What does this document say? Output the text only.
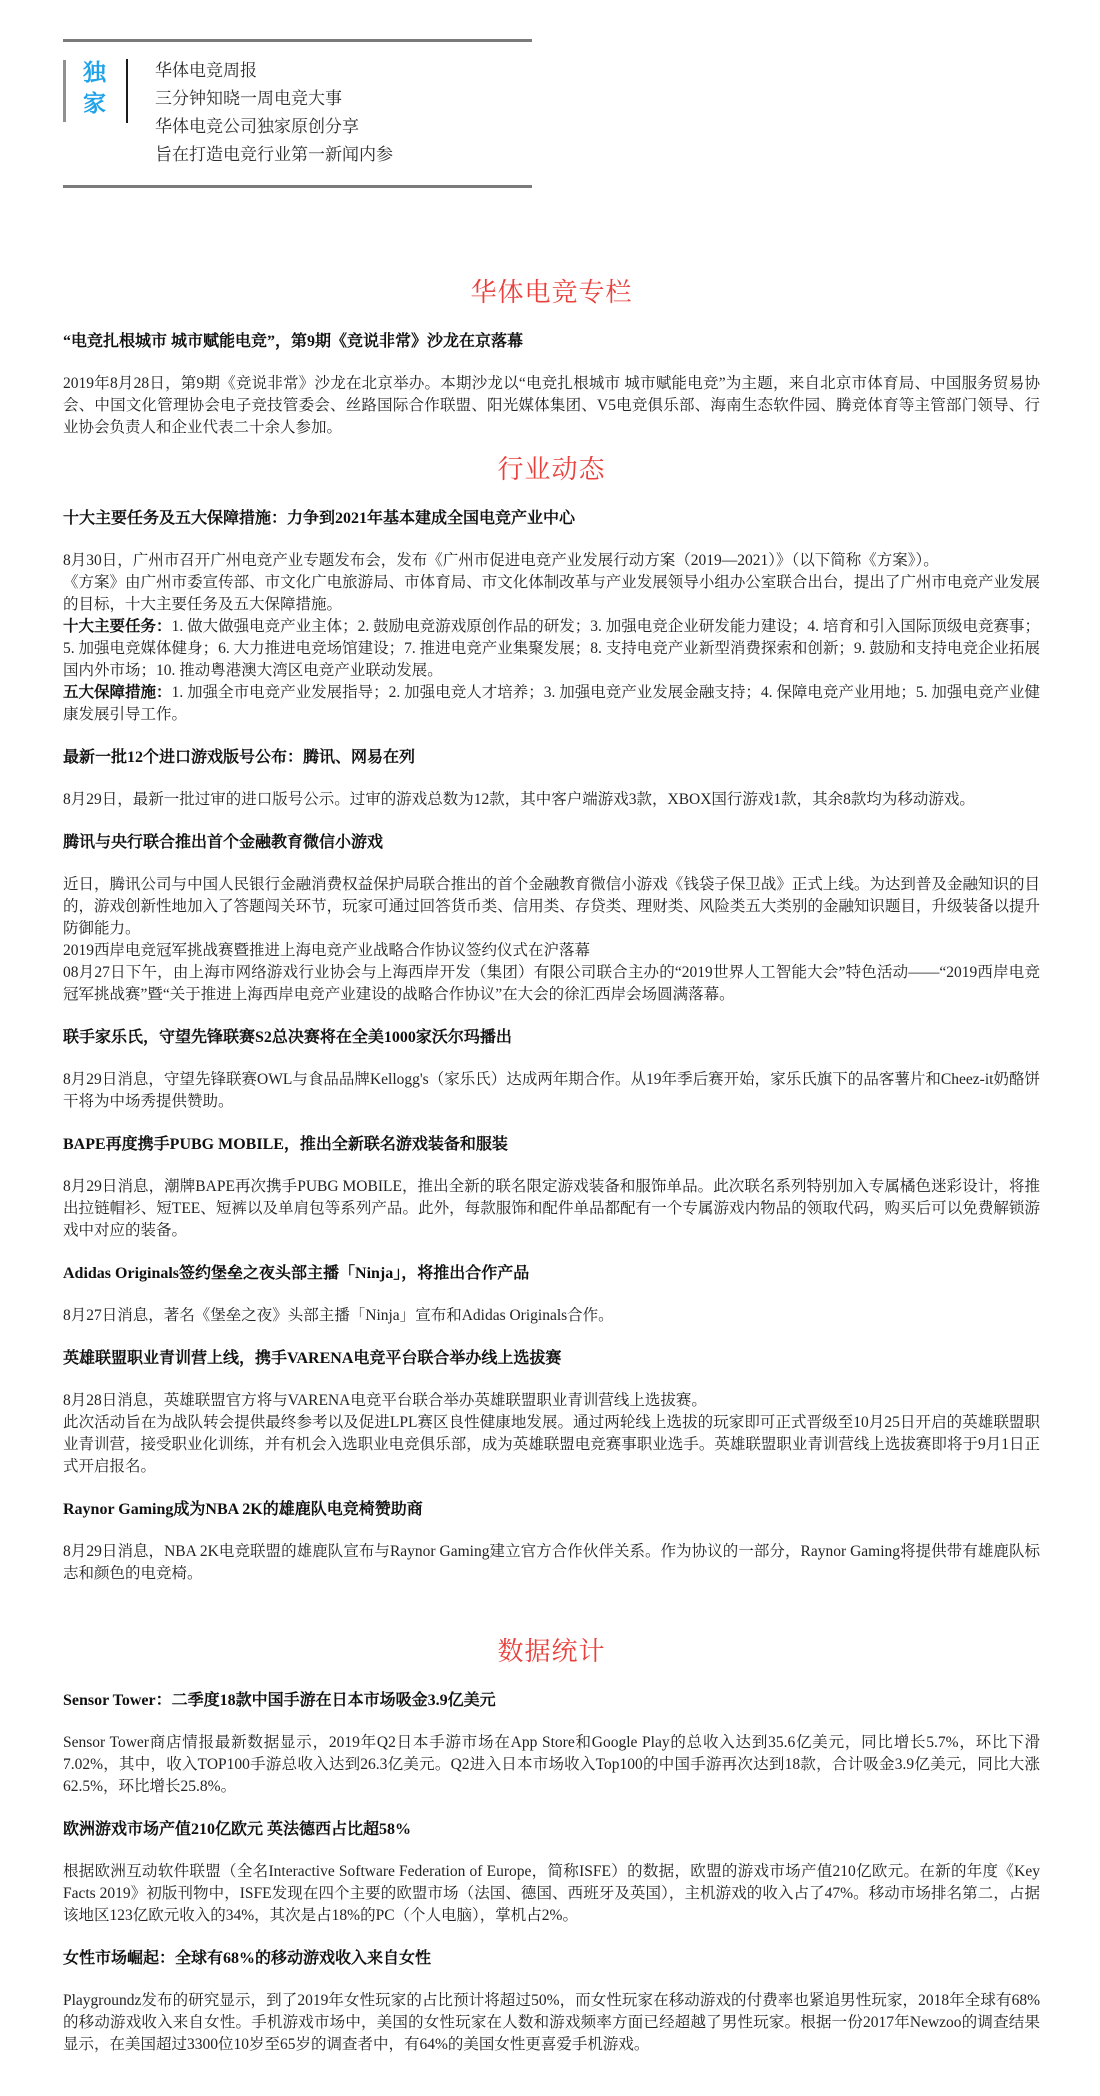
独
家
华体电竞周报
三分钟知晓一周电竞大事
华体电竞公司独家原创分享
旨在打造电竞行业第一新闻内参
华体电竞专栏
“电竞扎根城市 城市赋能电竞”，第9期《竞说非常》沙龙在京落幕
2019年8月28日，第9期《竞说非常》沙龙在北京举办。本期沙龙以“电竞扎根城市 城市赋能电竞”为主题，来自北京市体育局、中国服务贸易协会、中国文化管理协会电子竞技管委会、丝路国际合作联盟、阳光媒体集团、V5电竞俱乐部、海南生态软件园、腾竞体育等主管部门领导、行业协会负责人和企业代表二十余人参加。
行业动态
十大主要任务及五大保障措施：力争到2021年基本建成全国电竞产业中心
8月30日，广州市召开广州电竞产业专题发布会，发布《广州市促进电竞产业发展行动方案（2019—2021）》（以下简称《方案》）。
《方案》由广州市委宣传部、市文化广电旅游局、市体育局、市文化体制改革与产业发展领导小组办公室联合出台，提出了广州市电竞产业发展的目标，十大主要任务及五大保障措施。
十大主要任务：1. 做大做强电竞产业主体；2. 鼓励电竞游戏原创作品的研发；3. 加强电竞企业研发能力建设；4. 培育和引入国际顶级电竞赛事；5. 加强电竞媒体健身；6. 大力推进电竞场馆建设；7. 推进电竞产业集聚发展；8. 支持电竞产业新型消费探索和创新；9. 鼓励和支持电竞企业拓展国内外市场；10. 推动粤港澳大湾区电竞产业联动发展。
五大保障措施：1. 加强全市电竞产业发展指导；2. 加强电竞人才培养；3. 加强电竞产业发展金融支持；4. 保障电竞产业用地；5. 加强电竞产业健康发展引导工作。
最新一批12个进口游戏版号公布：腾讯、网易在列
8月29日，最新一批过审的进口版号公示。过审的游戏总数为12款，其中客户端游戏3款，XBOX国行游戏1款，其余8款均为移动游戏。
腾讯与央行联合推出首个金融教育微信小游戏
近日，腾讯公司与中国人民银行金融消费权益保护局联合推出的首个金融教育微信小游戏《钱袋子保卫战》正式上线。为达到普及金融知识的目的，游戏创新性地加入了答题闯关环节，玩家可通过回答货币类、信用类、存贷类、理财类、风险类五大类别的金融知识题目，升级装备以提升防御能力。
2019西岸电竞冠军挑战赛暨推进上海电竞产业战略合作协议签约仪式在沪落幕
08月27日下午，由上海市网络游戏行业协会与上海西岸开发（集团）有限公司联合主办的“2019世界人工智能大会”特色活动——“2019西岸电竞冠军挑战赛”暨“关于推进上海西岸电竞产业建设的战略合作协议”在大会的徐汇西岸会场圆满落幕。
联手家乐氏，守望先锋联赛S2总决赛将在全美1000家沃尔玛播出
8月29日消息，守望先锋联赛OWL与食品品牌Kellogg's（家乐氏）达成两年期合作。从19年季后赛开始，家乐氏旗下的品客薯片和Cheez-it奶酪饼干将为中场秀提供赞助。
BAPE再度携手PUBG MOBILE，推出全新联名游戏装备和服装
8月29日消息，潮牌BAPE再次携手PUBG MOBILE，推出全新的联名限定游戏装备和服饰单品。此次联名系列特别加入专属橘色迷彩设计，将推出拉链帽衫、短TEE、短裤以及单肩包等系列产品。此外，每款服饰和配件单品都配有一个专属游戏内物品的领取代码，购买后可以免费解锁游戏中对应的装备。
Adidas Originals签约堡垒之夜头部主播「Ninja」，将推出合作产品
8月27日消息，著名《堡垒之夜》头部主播「Ninja」宣布和Adidas Originals合作。
英雄联盟职业青训营上线，携手VARENA电竞平台联合举办线上选拔赛
8月28日消息，英雄联盟官方将与VARENA电竞平台联合举办英雄联盟职业青训营线上选拔赛。
此次活动旨在为战队转会提供最终参考以及促进LPL赛区良性健康地发展。通过两轮线上选拔的玩家即可正式晋级至10月25日开启的英雄联盟职业青训营，接受职业化训练，并有机会入选职业电竞俱乐部，成为英雄联盟电竞赛事职业选手。英雄联盟职业青训营线上选拔赛即将于9月1日正式开启报名。
Raynor Gaming成为NBA 2K的雄鹿队电竞椅赞助商
8月29日消息，NBA 2K电竞联盟的雄鹿队宣布与Raynor Gaming建立官方合作伙伴关系。作为协议的一部分，Raynor Gaming将提供带有雄鹿队标志和颜色的电竞椅。
数据统计
Sensor Tower：二季度18款中国手游在日本市场吸金3.9亿美元
Sensor Tower商店情报最新数据显示，2019年Q2日本手游市场在App Store和Google Play的总收入达到35.6亿美元，同比增长5.7%，环比下滑7.02%，其中，收入TOP100手游总收入达到26.3亿美元。Q2进入日本市场收入Top100的中国手游再次达到18款，合计吸金3.9亿美元，同比大涨62.5%，环比增长25.8%。
欧洲游戏市场产值210亿欧元 英法德西占比超58%
根据欧洲互动软件联盟（全名Interactive Software Federation of Europe，简称ISFE）的数据，欧盟的游戏市场产值210亿欧元。在新的年度《Key Facts 2019》初版刊物中，ISFE发现在四个主要的欧盟市场（法国、德国、西班牙及英国），主机游戏的收入占了47%。移动市场排名第二，占据该地区123亿欧元收入的34%，其次是占18%的PC（个人电脑），掌机占2%。
女性市场崛起：全球有68%的移动游戏收入来自女性
Playgroundz发布的研究显示，到了2019年女性玩家的占比预计将超过50%，而女性玩家在移动游戏的付费率也紧追男性玩家，2018年全球有68%的移动游戏收入来自女性。手机游戏市场中，美国的女性玩家在人数和游戏频率方面已经超越了男性玩家。根据一份2017年Newzoo的调查结果显示，在美国超过3300位10岁至65岁的调查者中，有64%的美国女性更喜爱手机游戏。
